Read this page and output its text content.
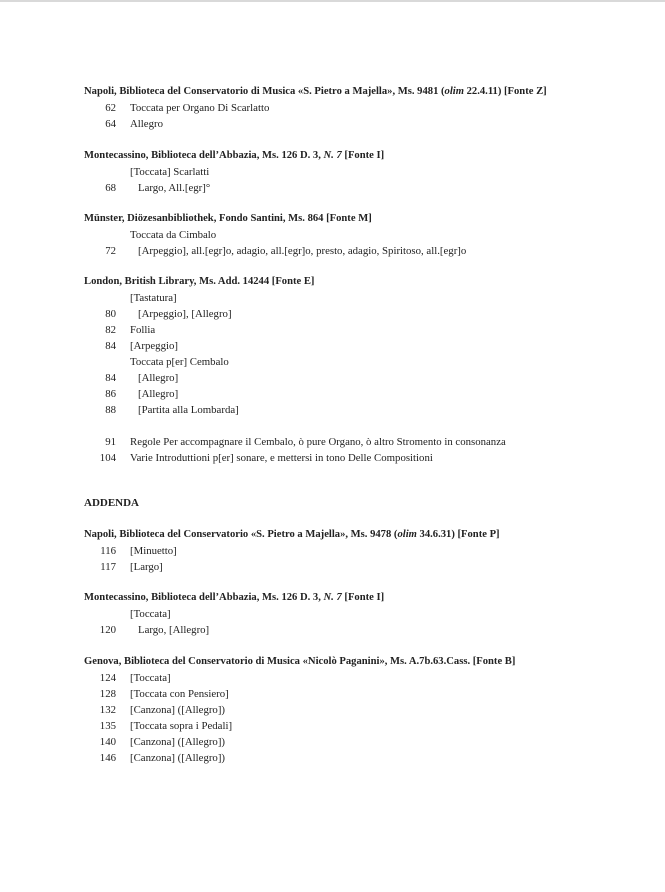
Napoli, Biblioteca del Conservatorio di Musica «S. Pietro a Majella», Ms. 9481 (olim 22.4.11) [Fonte Z]
62 Toccata per Organo Di Scarlatto
64 Allegro
Montecassino, Biblioteca dell’Abbazia, Ms. 126 D. 3, N. 7 [Fonte I]
[Toccata] Scarlatti
68 Largo, All.[egr]°
Münster, Diözesanbibliothek, Fondo Santini, Ms. 864 [Fonte M]
Toccata da Cimbalo
72 [Arpeggio], all.[egr]o, adagio, all.[egr]o, presto, adagio, Spiritoso, all.[egr]o
London, British Library, Ms. Add. 14244 [Fonte E]
[Tastatura]
80 [Arpeggio], [Allegro]
82 Follia
84 [Arpeggio]
Toccata p[er] Cembalo
84 [Allegro]
86 [Allegro]
88 [Partita alla Lombarda]
91 Regole Per accompagnare il Cembalo, ò pure Organo, ò altro Stromento in consonanza
104 Varie Introduttioni p[er] sonare, e mettersi in tono Delle Compositioni
ADDENDA
Napoli, Biblioteca del Conservatorio «S. Pietro a Majella», Ms. 9478 (olim 34.6.31) [Fonte P]
116 [Minuetto]
117 [Largo]
Montecassino, Biblioteca dell’Abbazia, Ms. 126 D. 3, N. 7 [Fonte I]
[Toccata]
120 Largo, [Allegro]
Genova, Biblioteca del Conservatorio di Musica «Nicolò Paganini», Ms. A.7b.63.Cass. [Fonte B]
124 [Toccata]
128 [Toccata con Pensiero]
132 [Canzona] ([Allegro])
135 [Toccata sopra i Pedali]
140 [Canzona] ([Allegro])
146 [Canzona] ([Allegro])
